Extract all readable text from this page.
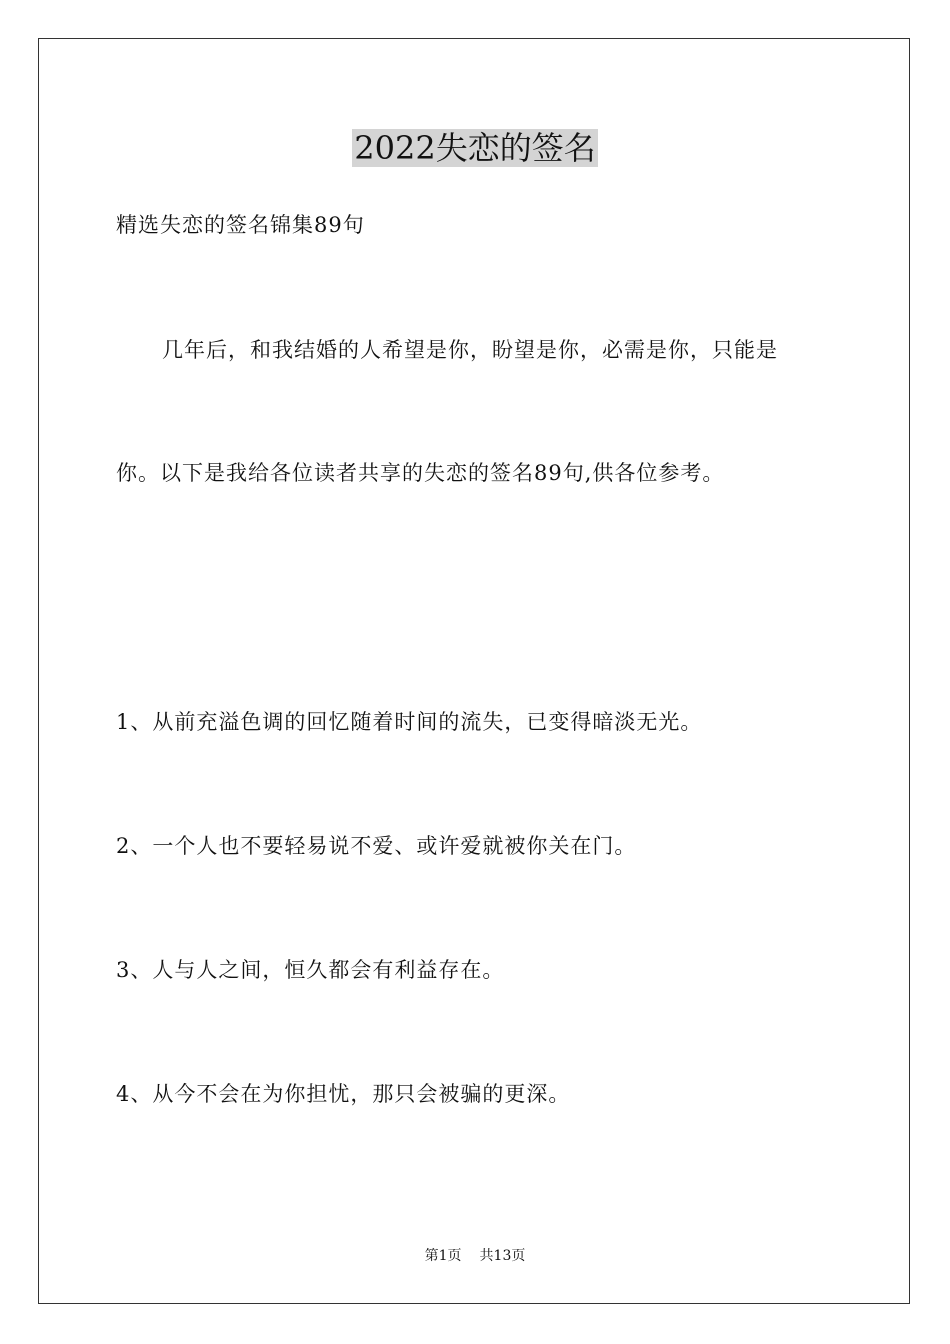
2022失恋的签名
精选失恋的签名锦集89句
几年后，和我结婚的人希望是你，盼望是你，必需是你，只能是
你。以下是我给各位读者共享的失恋的签名89句,供各位参考。
1、从前充溢色调的回忆随着时间的流失，已变得暗淡无光。
2、一个人也不要轻易说不爱、或许爱就被你关在门。
3、人与人之间，恒久都会有利益存在。
4、从今不会在为你担忧，那只会被骗的更深。
第1页 共13页
